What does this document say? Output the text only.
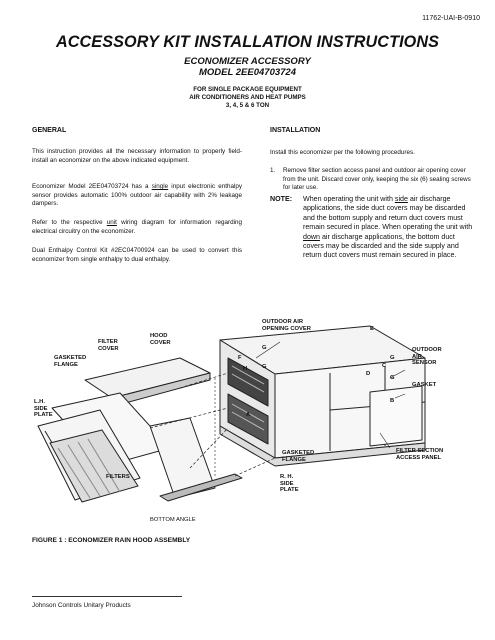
11762-UAI-B-0910
ACCESSORY KIT INSTALLATION INSTRUCTIONS
ECONOMIZER ACCESSORY
MODEL 2EE04703724
FOR SINGLE PACKAGE EQUIPMENT
AIR CONDITIONERS AND HEAT PUMPS
3, 4, 5 & 6 TON
GENERAL
This instruction provides all the necessary information to properly field-install an economizer on the above indicated equipment.
Economizer Model 2EE04703724 has a single input electronic enthalpy sensor provides automatic 100% outdoor air capability with 2% leakage dampers.
Refer to the respective unit wiring diagram for information regarding electrical circuitry on the economizer.
Dual Enthalpy Control Kit #2EC04700924 can be used to convert this economizer from single enthalpy to dual enthalpy.
INSTALLATION
Install this economizer per the following procedures.
1.	Remove filter section access panel and outdoor air opening cover from the unit. Discard cover only, keeping the six (6) sealing screws for later use.
NOTE: When operating the unit with side air discharge applications, the side duct covers may be discarded and the bottom supply and return duct covers must remain secured in place. When operating the unit with down air discharge applications, the bottom duct covers may be discarded and the side supply and return duct covers must remain secured in place.
OUTDOOR AIR
OPENING COVER	E
HOOD
COVER
FILTER
COVER
GASKETED
FLANGE
F
H
G
G
G
G
C
D
B
OUTDOOR
AIR
SENSOR
GASKET
L.H.
SIDE
PLATE	A
GASKETED
FLANGE
FILTER SECTION
ACCESS PANEL
FILTERS	R. H.
SIDE
PLATE
BOTTOM ANGLE
FIGURE 1 : ECONOMIZER RAIN HOOD ASSEMBLY
Johnson Controls Unitary Products
